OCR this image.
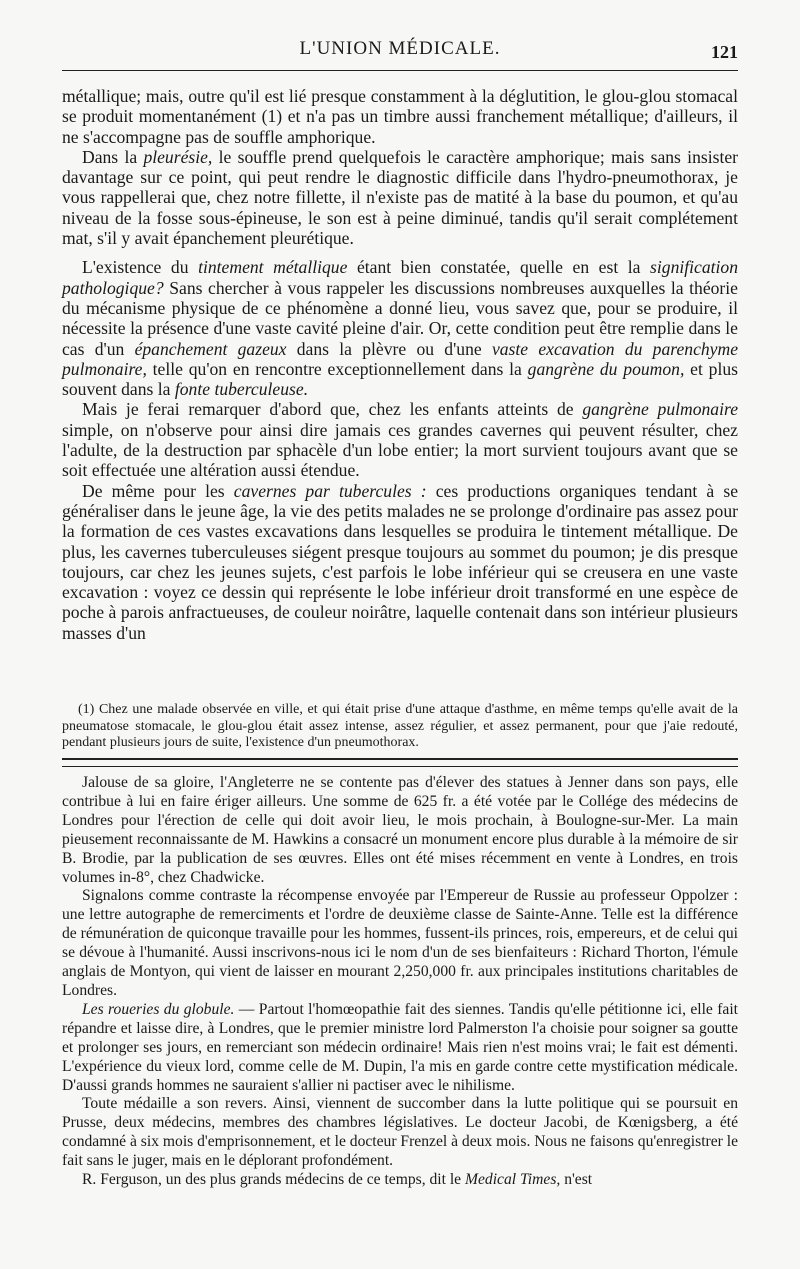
L'UNION MÉDICALE.	121

métallique; mais, outre qu'il est lié presque constamment à la déglutition, le glou-glou stomacal se produit momentanément (1) et n'a pas un timbre aussi franchement métallique; d'ailleurs, il ne s'accompagne pas de souffle amphorique.

Dans la pleurésie, le souffle prend quelquefois le caractère amphorique; mais sans insister davantage sur ce point, qui peut rendre le diagnostic difficile dans l'hydro-pneumothorax, je vous rappellerai que, chez notre fillette, il n'existe pas de matité à la base du poumon, et qu'au niveau de la fosse sous-épineuse, le son est à peine diminué, tandis qu'il serait complétement mat, s'il y avait épanchement pleurétique.

L'existence du tintement métallique étant bien constatée, quelle en est la signification pathologique? Sans chercher à vous rappeler les discussions nombreuses auxquelles la théorie du mécanisme physique de ce phénomène a donné lieu, vous savez que, pour se produire, il nécessite la présence d'une vaste cavité pleine d'air. Or, cette condition peut être remplie dans le cas d'un épanchement gazeux dans la plèvre ou d'une vaste excavation du parenchyme pulmonaire, telle qu'on en rencontre exceptionnellement dans la gangrène du poumon, et plus souvent dans la fonte tuberculeuse.

Mais je ferai remarquer d'abord que, chez les enfants atteints de gangrène pulmonaire simple, on n'observe pour ainsi dire jamais ces grandes cavernes qui peuvent résulter, chez l'adulte, de la destruction par sphacèle d'un lobe entier; la mort survient toujours avant que se soit effectuée une altération aussi étendue.

De même pour les cavernes par tubercules : ces productions organiques tendant à se généraliser dans le jeune âge, la vie des petits malades ne se prolonge d'ordinaire pas assez pour la formation de ces vastes excavations dans lesquelles se produira le tintement métallique. De plus, les cavernes tuberculeuses siégent presque toujours au sommet du poumon; je dis presque toujours, car chez les jeunes sujets, c'est parfois le lobe inférieur qui se creusera en une vaste excavation : voyez ce dessin qui représente le lobe inférieur droit transformé en une espèce de poche à parois anfractueuses, de couleur noirâtre, laquelle contenait dans son intérieur plusieurs masses d'un

(1) Chez une malade observée en ville, et qui était prise d'une attaque d'asthme, en même temps qu'elle avait de la pneumatose stomacale, le glou-glou était assez intense, assez régulier, et assez permanent, pour que j'aie redouté, pendant plusieurs jours de suite, l'existence d'un pneumothorax.

Jalouse de sa gloire, l'Angleterre ne se contente pas d'élever des statues à Jenner dans son pays, elle contribue à lui en faire ériger ailleurs. Une somme de 625 fr. a été votée par le Collége des médecins de Londres pour l'érection de celle qui doit avoir lieu, le mois prochain, à Boulogne-sur-Mer. La main pieusement reconnaissante de M. Hawkins a consacré un monument encore plus durable à la mémoire de sir B. Brodie, par la publication de ses œuvres. Elles ont été mises récemment en vente à Londres, en trois volumes in-8°, chez Chadwicke.

Signalons comme contraste la récompense envoyée par l'Empereur de Russie au professeur Oppolzer : une lettre autographe de remerciments et l'ordre de deuxième classe de Sainte-Anne. Telle est la différence de rémunération de quiconque travaille pour les hommes, fussent-ils princes, rois, empereurs, et de celui qui se dévoue à l'humanité. Aussi inscrivons-nous ici le nom d'un de ses bienfaiteurs : Richard Thorton, l'émule anglais de Montyon, qui vient de laisser en mourant 2,250,000 fr. aux principales institutions charitables de Londres.

Les roueries du globule. — Partout l'homœopathie fait des siennes. Tandis qu'elle pétitionne ici, elle fait répandre et laisse dire, à Londres, que le premier ministre lord Palmerston l'a choisie pour soigner sa goutte et prolonger ses jours, en remerciant son médecin ordinaire! Mais rien n'est moins vrai; le fait est démenti. L'expérience du vieux lord, comme celle de M. Dupin, l'a mis en garde contre cette mystification médicale. D'aussi grands hommes ne sauraient s'allier ni pactiser avec le nihilisme.

Toute médaille a son revers. Ainsi, viennent de succomber dans la lutte politique qui se poursuit en Prusse, deux médecins, membres des chambres législatives. Le docteur Jacobi, de Kœnigsberg, a été condamné à six mois d'emprisonnement, et le docteur Frenzel à deux mois. Nous ne faisons qu'enregistrer le fait sans le juger, mais en le déplorant profondément.

R. Ferguson, un des plus grands médecins de ce temps, dit le Medical Times, n'est
